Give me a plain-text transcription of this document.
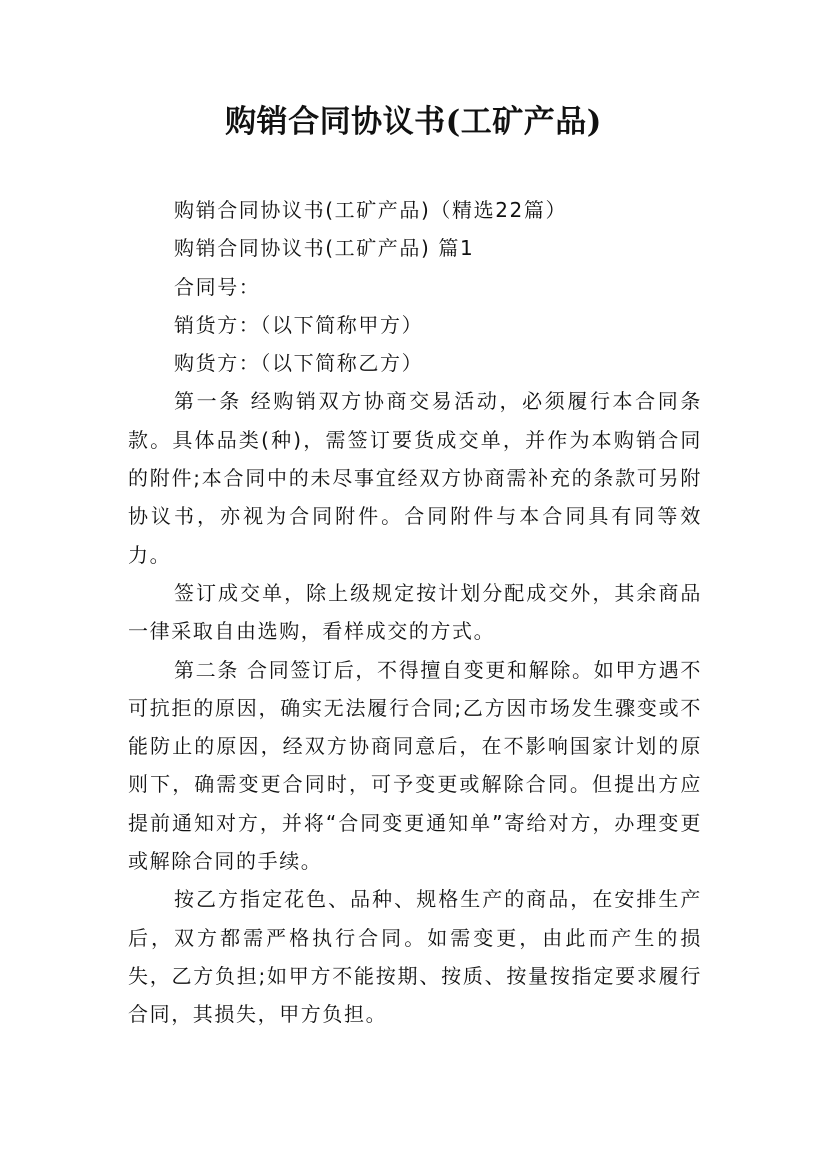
购销合同协议书(工矿产品)

购销合同协议书(工矿产品)（精选22篇）

购销合同协议书(工矿产品) 篇1

合同号：

销货方：（以下简称甲方）

购货方：（以下简称乙方）

第一条 经购销双方协商交易活动，必须履行本合同条款。具体品类(种)，需签订要货成交单，并作为本购销合同的附件;本合同中的未尽事宜经双方协商需补充的条款可另附协议书，亦视为合同附件。合同附件与本合同具有同等效力。

签订成交单，除上级规定按计划分配成交外，其余商品一律采取自由选购，看样成交的方式。

第二条 合同签订后，不得擅自变更和解除。如甲方遇不可抗拒的原因，确实无法履行合同;乙方因市场发生骤变或不能防止的原因，经双方协商同意后，在不影响国家计划的原则下，确需变更合同时，可予变更或解除合同。但提出方应提前通知对方，并将“合同变更通知单”寄给对方，办理变更或解除合同的手续。

按乙方指定花色、品种、规格生产的商品，在安排生产后，双方都需严格执行合同。如需变更，由此而产生的损失，乙方负担;如甲方不能按期、按质、按量按指定要求履行合同，其损失，甲方负担。
